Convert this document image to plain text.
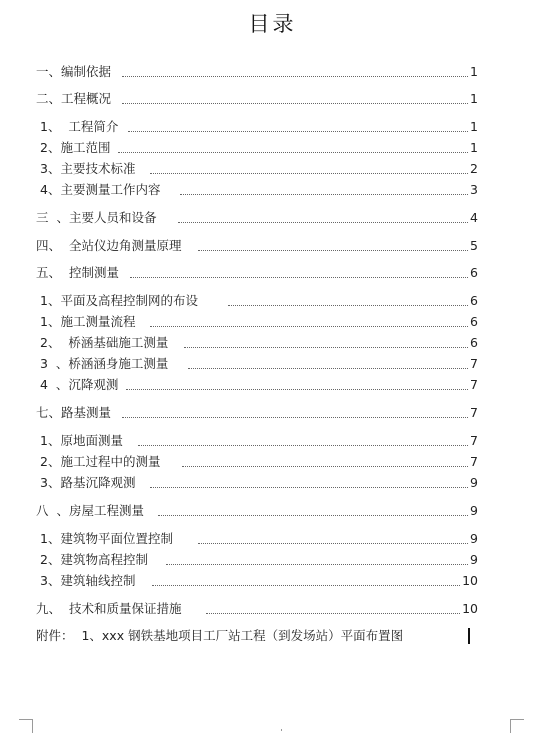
目录
一、编制依据	1
二、工程概况	1
1、  工程简介	1
2、施工范围	1
3、主要技术标准	2
4、主要测量工作内容	3
三  、主要人员和设备	4
四、  全站仪边角测量原理	5
五、  控制测量	6
1、平面及高程控制网的布设	6
1、施工测量流程	6
2、  桥涵基础施工测量	6
3  、桥涵涵身施工测量	7
4  、沉降观测	7
七、路基测量	7
1、原地面测量	7
2、施工过程中的测量	7
3、路基沉降观测	9
八  、房屋工程测量	9
1、建筑物平面位置控制	9
2、建筑物高程控制	9
3、建筑轴线控制	10
九、  技术和质量保证措施	10
附件：  1、xxx 钢铁基地项目工厂站工程（到发场站）平面布置图
